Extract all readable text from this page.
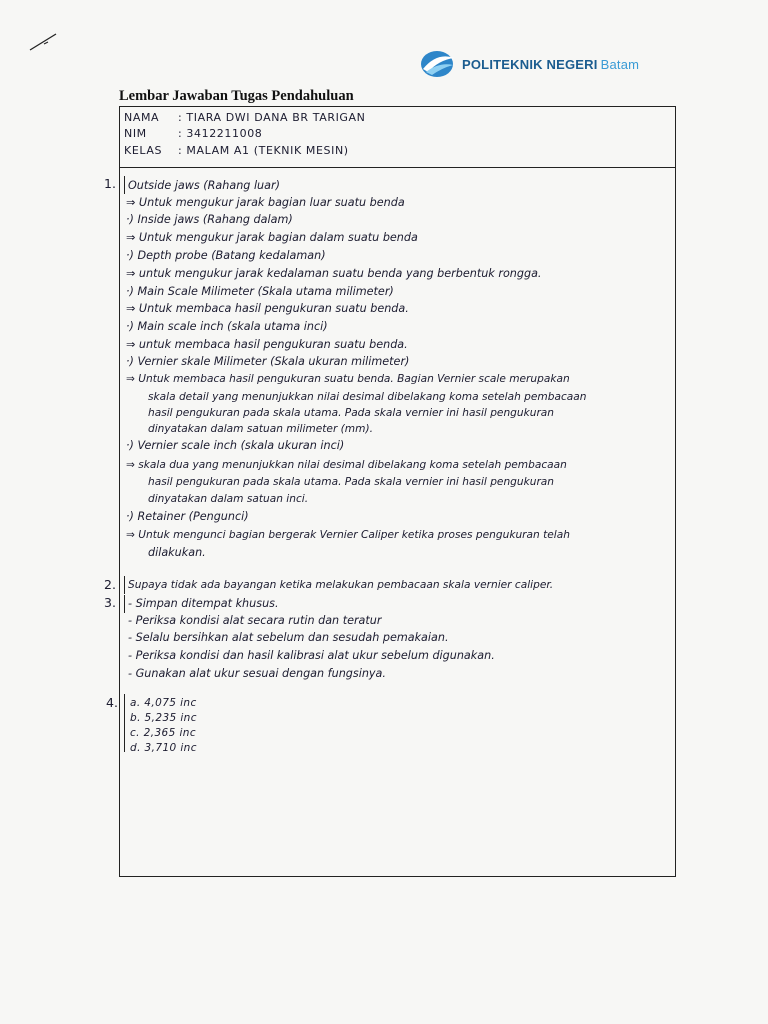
POLITEKNIK NEGERI Batam
Lembar Jawaban Tugas Pendahuluan
NAMA : TIARA DWI DANA BR TARIGAN
NIM	: 3412211008
KELAS : MALAM A1 (TEKNIK MESIN)
1. Outside jaws (Rahang luar)
⇒ Untuk mengukur jarak bagian luar suatu benda
·) Inside jaws (Rahang dalam)
⇒ Untuk mengukur jarak bagian dalam suatu benda
·) Depth probe (Batang kedalaman)
⇒ untuk mengukur jarak kedalaman suatu benda yang berbentuk rongga.
·) Main Scale Milimeter (Skala utama milimeter)
⇒ Untuk membaca hasil pengukuran suatu benda.
·) Main scale inch (skala utama inci)
⇒ untuk membaca hasil pengukuran suatu benda.
·) Vernier skale Milimeter (Skala ukuran milimeter)
⇒ Untuk membaca hasil pengukuran suatu benda. Bagian Vernier scale merupakan
skala detail yang menunjukkan nilai desimal dibelakang koma setelah pembacaan
hasil pengukuran pada skala utama. Pada skala vernier ini hasil pengukuran
dinyatakan dalam satuan milimeter (mm).
·) Vernier scale inch (skala ukuran inci)
⇒ skala dua yang menunjukkan nilai desimal dibelakang koma setelah pembacaan
hasil pengukuran pada skala utama. Pada skala vernier ini hasil pengukuran
dinyatakan dalam satuan inci.
·) Retainer (Pengunci)
⇒ Untuk mengunci bagian bergerak Vernier Caliper ketika proses pengukuran telah
dilakukan.
2. Supaya tidak ada bayangan ketika melakukan pembacaan skala vernier caliper.
3. - Simpan ditempat khusus.
- Periksa kondisi alat secara rutin dan teratur
- Selalu bersihkan alat sebelum dan sesudah pemakaian.
- Periksa kondisi dan hasil kalibrasi alat ukur sebelum digunakan.
- Gunakan alat ukur sesuai dengan fungsinya.
4. a. 4,075 inc
b. 5,235 inc
c. 2,365 inc
d. 3,710 inc
